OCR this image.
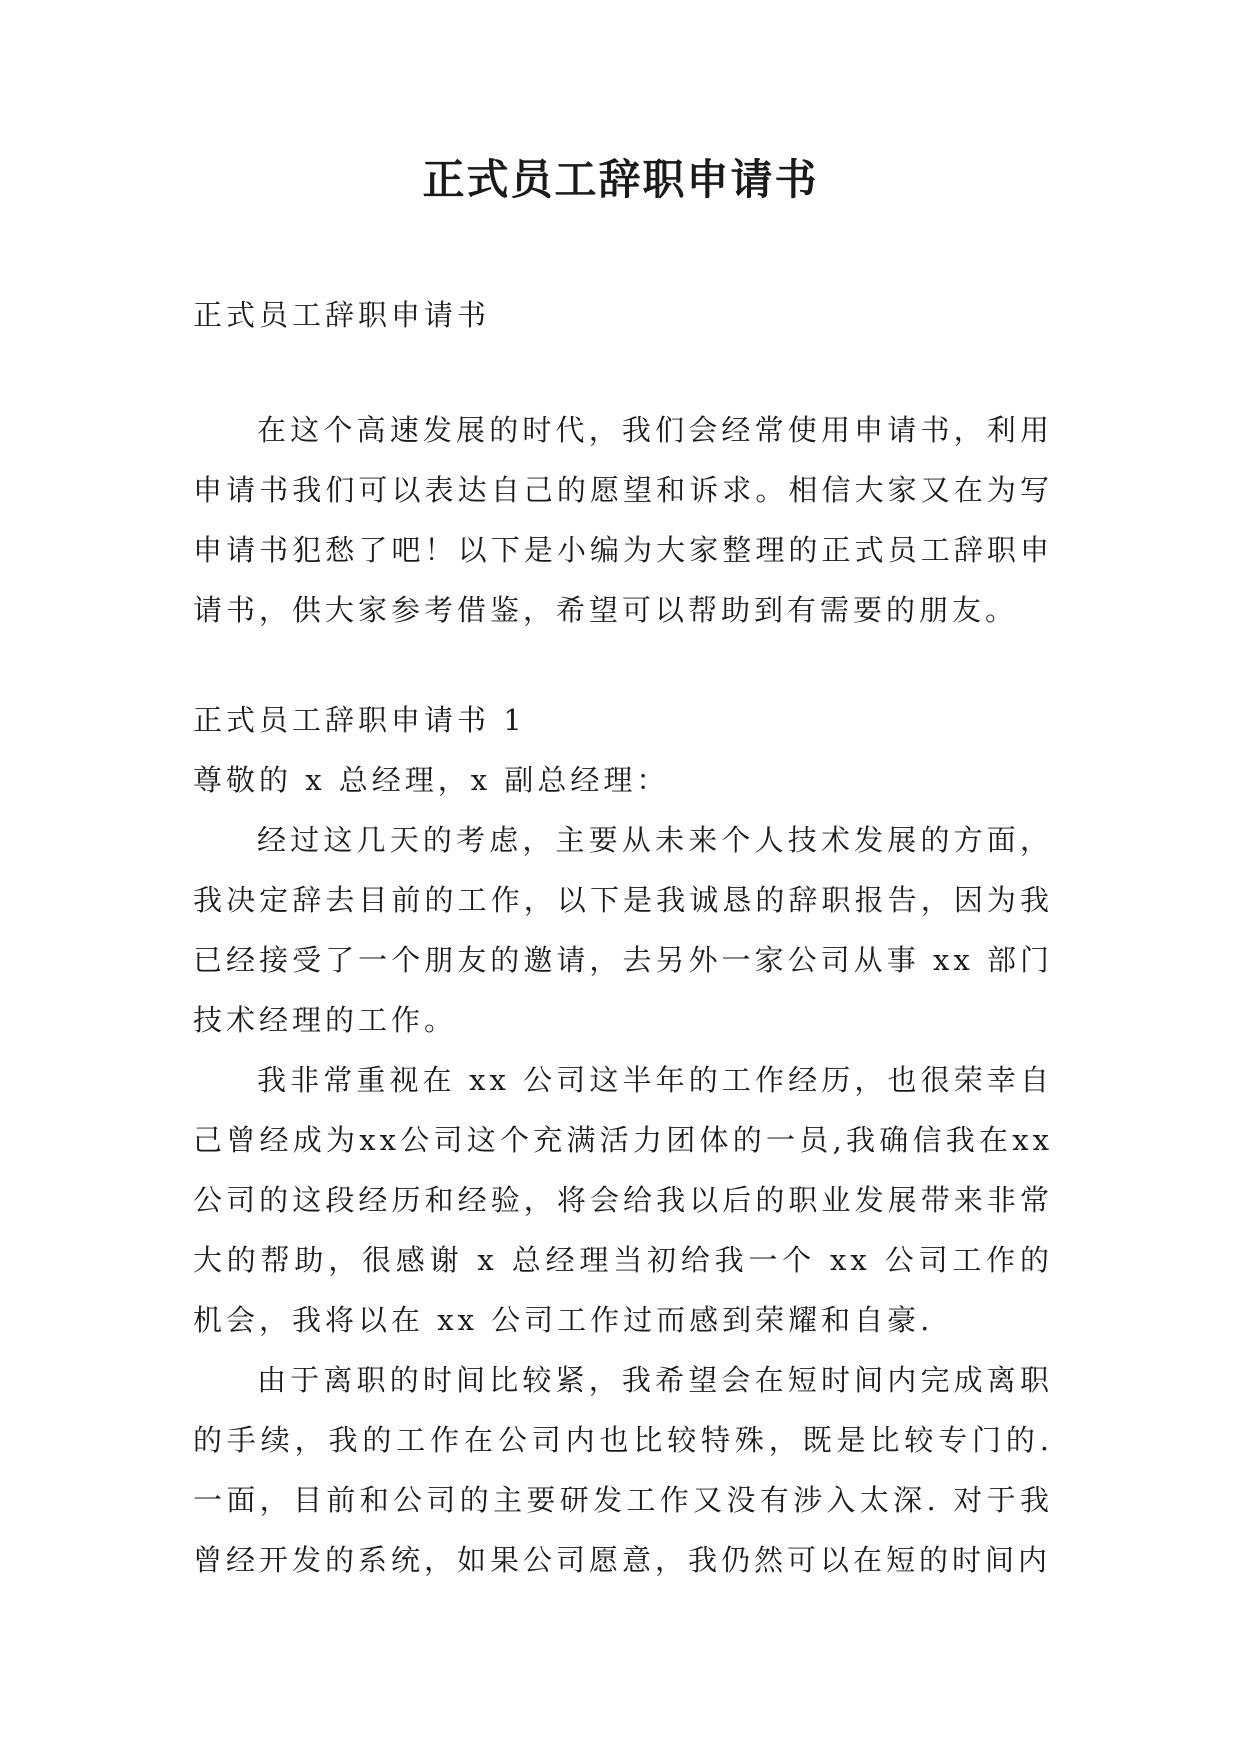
正式员工辞职申请书
正式员工辞职申请书

在这个高速发展的时代，我们会经常使用申请书，利用申请书我们可以表达自己的愿望和诉求。相信大家又在为写申请书犯愁了吧！以下是小编为大家整理的正式员工辞职申请书，供大家参考借鉴，希望可以帮助到有需要的朋友。

正式员工辞职申请书 1

尊敬的 x 总经理，x 副总经理：

经过这几天的考虑，主要从未来个人技术发展的方面，我决定辞去目前的工作，以下是我诚恳的辞职报告，因为我已经接受了一个朋友的邀请，去另外一家公司从事 xx 部门技术经理的工作。

我非常重视在 xx 公司这半年的工作经历，也很荣幸自己曾经成为xx公司这个充满活力团体的一员,我确信我在xx公司的这段经历和经验，将会给我以后的职业发展带来非常大的帮助，很感谢 x 总经理当初给我一个 xx 公司工作的机会，我将以在 xx 公司工作过而感到荣耀和自豪.

由于离职的时间比较紧，我希望会在短时间内完成离职的手续，我的工作在公司内也比较特殊，既是比较专门的.一面，目前和公司的主要研发工作又没有涉入太深. 对于我曾经开发的系统，如果公司愿意，我仍然可以在短的时间内
